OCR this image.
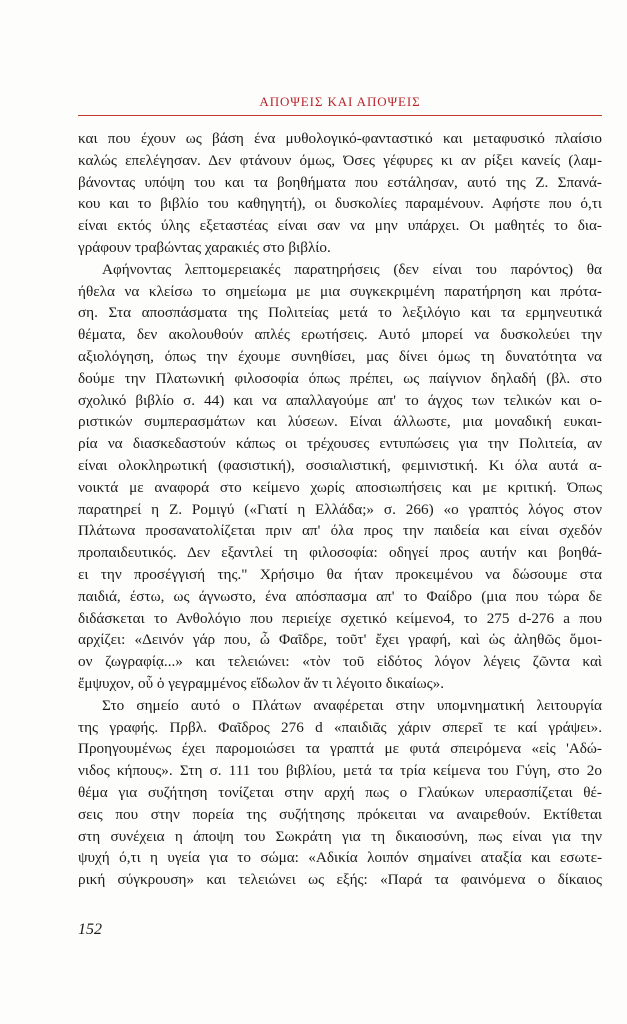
ΑΠΟΨΕΙΣ ΚΑΙ ΑΠΟΨΕΙΣ
και που έχουν ως βάση ένα μυθολογικό-φανταστικό και μεταφυσικό πλαίσιο
καλώς επελέγησαν. Δεν φτάνουν όμως, Όσες γέφυρες κι αν ρίξει κανείς (λαμ-
βάνοντας υπόψη του και τα βοηθήματα που εστάλησαν, αυτό της Ζ. Σπανά-
κου και το βιβλίο του καθηγητή), οι δυσκολίες παραμένουν. Αφήστε που ό,τι
είναι εκτός ύλης εξεταστέας είναι σαν να μην υπάρχει. Οι μαθητές το δια-
γράφουν τραβώντας χαρακιές στο βιβλίο.
Αφήνοντας λεπτομερειακές παρατηρήσεις (δεν είναι του παρόντος) θα
ήθελα να κλείσω το σημείωμα με μια συγκεκριμένη παρατήρηση και πρότα-
ση. Στα αποσπάσματα της Πολιτείας μετά το λεξιλόγιο και τα ερμηνευτικά
θέματα, δεν ακολουθούν απλές ερωτήσεις. Αυτό μπορεί να δυσκολεύει την
αξιολόγηση, όπως την έχουμε συνηθίσει, μας δίνει όμως τη δυνατότητα να
δούμε την Πλατωνική φιλοσοφία όπως πρέπει, ως παίγνιον δηλαδή (βλ. στο
σχολικό βιβλίο σ. 44) και να απαλλαγούμε απ' το άγχος των τελικών και ο-
ριστικών συμπερασμάτων και λύσεων. Είναι άλλωστε, μια μοναδική ευκαι-
ρία να διασκεδαστούν κάπως οι τρέχουσες εντυπώσεις για την Πολιτεία, αν
είναι ολοκληρωτική (φασιστική), σοσιαλιστική, φεμινιστική. Κι όλα αυτά α-
νοικτά με αναφορά στο κείμενο χωρίς αποσιωπήσεις και με κριτική. Όπως
παρατηρεί η Ζ. Ρομιγύ («Γιατί η Ελλάδα;» σ. 266) «ο γραπτός λόγος στον
Πλάτωνα προσανατολίζεται πριν απ' όλα προς την παιδεία και είναι σχεδόν
προπαιδευτικός. Δεν εξαντλεί τη φιλοσοφία: οδηγεί προς αυτήν και βοηθά-
ει την προσέγγισή της." Χρήσιμο θα ήταν προκειμένου να δώσουμε στα
παιδιά, έστω, ως άγνωστο, ένα απόσπασμα απ' το Φαίδρο (μια που τώρα δε
διδάσκεται το Ανθολόγιο που περιείχε σχετικό κείμενο4, το 275 d-276 a που
αρχίζει: «Δεινόν γάρ που, ὦ Φαῖδρε, τοῦτ' ἔχει γραφή, καὶ ὡς ἀληθῶς ὅμοι-
ον ζωγραφίᾳ...» και τελειώνει: «τὸν τοῦ εἰδότος λόγον λέγεις ζῶντα καὶ
ἔμψυχον, οὗ ὁ γεγραμμένος εἴδωλον ἄν τι λέγοιτο δικαίως».
Στο σημείο αυτό ο Πλάτων αναφέρεται στην υπομνηματική λειτουργία
της γραφής. Πρβλ. Φαῖδρος 276 d «παιδιᾶς χάριν σπερεῖ τε καί γράψει».
Προηγουμένως έχει παρομοιώσει τα γραπτά με φυτά σπειρόμενα «εἰς 'Αδώ-
νιδος κήπους». Στη σ. 111 του βιβλίου, μετά τα τρία κείμενα του Γύγη, στο 2ο
θέμα για συζήτηση τονίζεται στην αρχή πως ο Γλαύκων υπερασπίζεται θέ-
σεις που στην πορεία της συζήτησης πρόκειται να αναιρεθούν. Εκτίθεται
στη συνέχεια η άποψη του Σωκράτη για τη δικαιοσύνη, πως είναι για την
ψυχή ό,τι η υγεία για το σώμα: «Αδικία λοιπόν σημαίνει αταξία και εσωτε-
ρική σύγκρουση» και τελειώνει ως εξής: «Παρά τα φαινόμενα ο δίκαιος
152
